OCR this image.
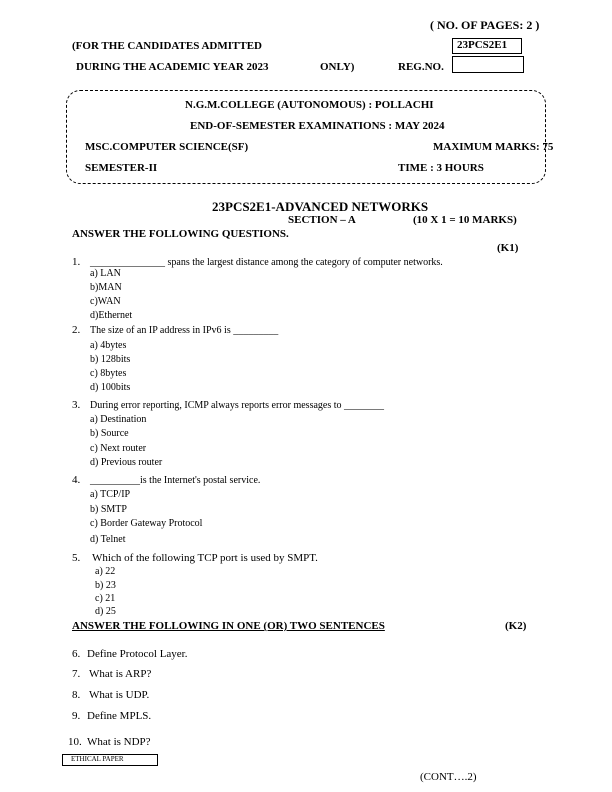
( NO. OF PAGES: 2 )
(FOR THE CANDIDATES ADMITTED	23PCS2E1
DURING THE ACADEMIC YEAR 2023	ONLY)	REG.NO.
N.G.M.COLLEGE (AUTONOMOUS) : POLLACHI
END-OF-SEMESTER EXAMINATIONS : MAY 2024
MSC.COMPUTER SCIENCE(SF)	MAXIMUM MARKS: 75
SEMESTER-II	TIME : 3 HOURS
23PCS2E1-ADVANCED NETWORKS
SECTION – A	(10 X 1 = 10 MARKS)
ANSWER THE FOLLOWING QUESTIONS.
(K1)
1. _______________ spans the largest distance among the category of computer networks.
a) LAN
b)MAN
c)WAN
d)Ethernet
2. The size of an IP address in IPv6 is _________
a) 4bytes
b) 128bits
c) 8bytes
d) 100bits
3. During error reporting, ICMP always reports error messages to ________
a) Destination
b) Source
c) Next router
d) Previous router
4. __________is the Internet's postal service.
a) TCP/IP
b) SMTP
c) Border Gateway Protocol
d) Telnet
5. Which of the following TCP port is used by SMPT.
a) 22
b) 23
c) 21
d) 25
ANSWER THE FOLLOWING IN ONE (OR) TWO SENTENCES	(K2)
6. Define Protocol Layer.
7. What is ARP?
8. What is UDP.
9. Define MPLS.
10. What is NDP?
ETHICAL PAPER
(CONT….2)
